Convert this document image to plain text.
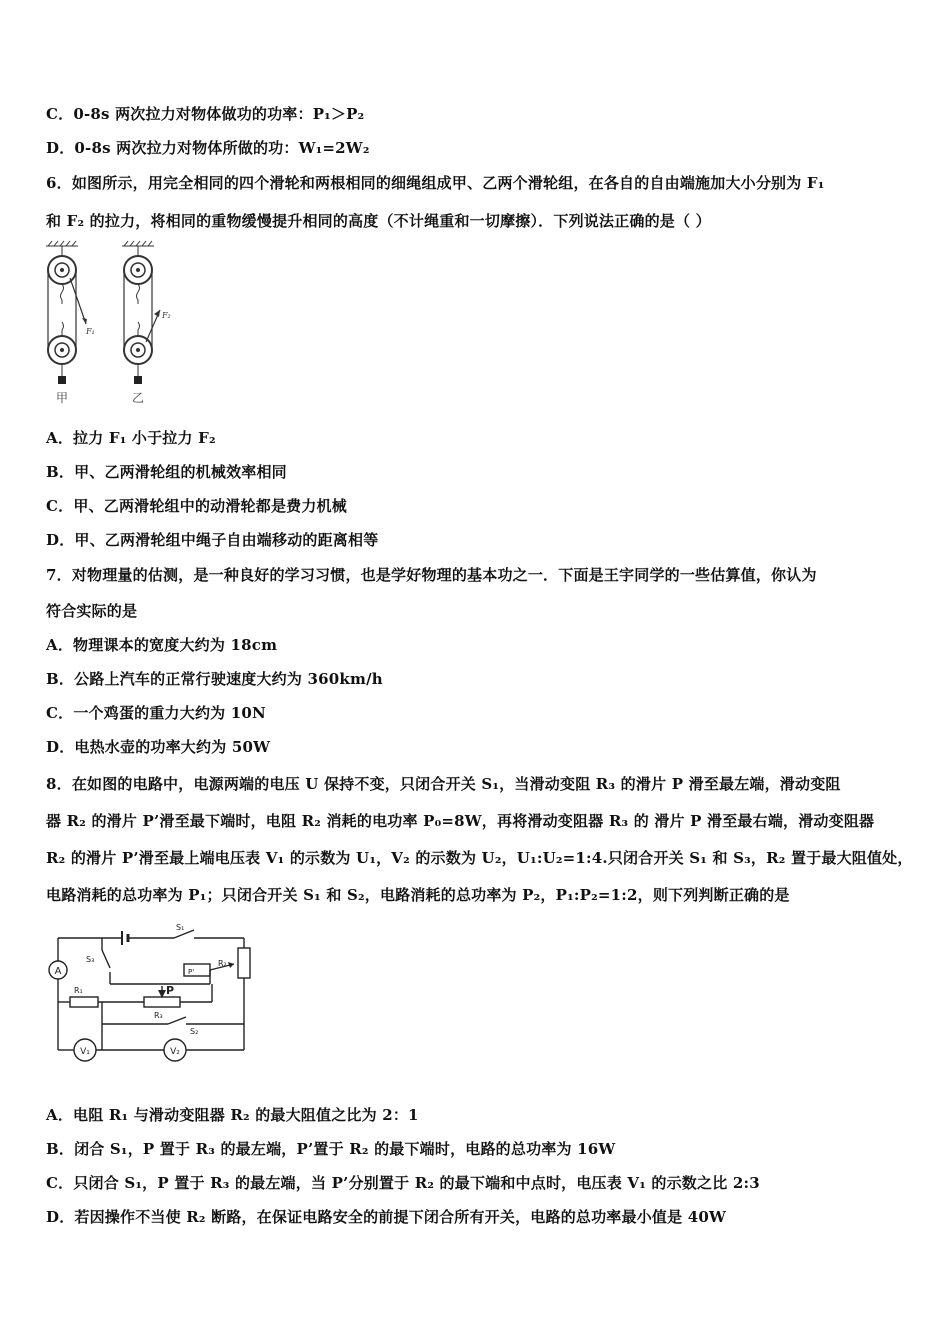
C．0-8s 两次拉力对物体做功的功率：P₁＞P₂
D．0-8s 两次拉力对物体所做的功：W₁=2W₂
6．如图所示，用完全相同的四个滑轮和两根相同的细绳组成甲、乙两个滑轮组，在各自的自由端施加大小分别为 F₁
和 F₂ 的拉力，将相同的重物缓慢提升相同的高度（不计绳重和一切摩擦）．下列说法正确的是（ ）
F₁
甲
F₂
乙
A．拉力 F₁ 小于拉力 F₂
B．甲、乙两滑轮组的机械效率相同
C．甲、乙两滑轮组中的动滑轮都是费力机械
D．甲、乙两滑轮组中绳子自由端移动的距离相等
7．对物理量的估测，是一种良好的学习习惯，也是学好物理的基本功之一．下面是王宇同学的一些估算值，你认为
符合实际的是
A．物理课本的宽度大约为 18cm
B．公路上汽车的正常行驶速度大约为 360km/h
C．一个鸡蛋的重力大约为 10N
D．电热水壶的功率大约为 50W
8．在如图的电路中，电源两端的电压 U 保持不变，只闭合开关 S₁，当滑动变阻 R₃ 的滑片 P 滑至最左端，滑动变阻
器 R₂ 的滑片 P’滑至最下端时，电阻 R₂ 消耗的电功率 P₀=8W，再将滑动变阻器 R₃ 的 滑片 P 滑至最右端，滑动变阻器
R₂ 的滑片 P’滑至最上端电压表 V₁ 的示数为 U₁，V₂ 的示数为 U₂，U₁:U₂=1:4.只闭合开关 S₁ 和 S₃，R₂ 置于最大阻值处，
电路消耗的总功率为 P₁；只闭合开关 S₁ 和 S₂，电路消耗的总功率为 P₂，P₁:P₂=1:2，则下列判断正确的是
A
V₁	V₂
S₁
S₃	R₂
P'
R₁	P
R₃
S₂
A．电阻 R₁ 与滑动变阻器 R₂ 的最大阻值之比为 2：1
B．闭合 S₁，P 置于 R₃ 的最左端，P’置于 R₂ 的最下端时，电路的总功率为 16W
C．只闭合 S₁，P 置于 R₃ 的最左端，当 P’分别置于 R₂ 的最下端和中点时，电压表 V₁ 的示数之比 2:3
D．若因操作不当使 R₂ 断路，在保证电路安全的前提下闭合所有开关，电路的总功率最小值是 40W
